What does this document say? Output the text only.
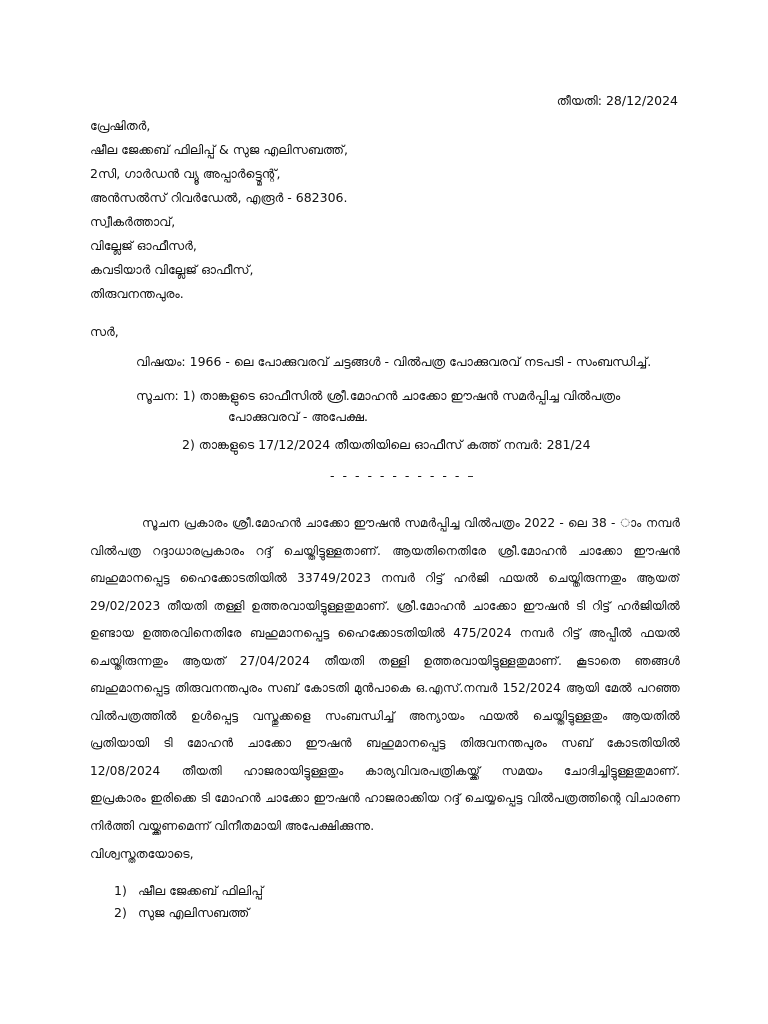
തീയതി: 28/12/2024
പ്രേഷിതർ,
ഷീല ജേക്കബ് ഫിലിപ്പ് & സുജ എലിസബത്ത്,
2സി, ഗാർഡൻ വ്യൂ അപ്പാർട്ട്മെന്റ്,
അൻസൽസ് റിവർഡേൽ, എരൂർ - 682306.
സ്വീകർത്താവ്,
വില്ലേജ് ഓഫീസർ,
കവടിയാർ വില്ലേജ് ഓഫീസ്,
തിരുവനന്തപുരം.
സർ,
വിഷയം: 1966 - ലെ പോക്കുവരവ് ചട്ടങ്ങൾ - വിൽപത്ര പോക്കുവരവ് നടപടി - സംബന്ധിച്ച്.
സൂചന: 1) താങ്കളുടെ ഓഫീസിൽ ശ്രീ.മോഹൻ ചാക്കോ ഈഷൻ സമർപ്പിച്ച വിൽപത്രം
പോക്കുവരവ് - അപേക്ഷ.
2) താങ്കളുടെ 17/12/2024 തീയതിയിലെ ഓഫീസ് കത്ത് നമ്പർ: 281/24
- - - - - - - - - - - –
സൂചന പ്രകാരം ശ്രീ.മോഹൻ ചാക്കോ ഈഷൻ സമർപ്പിച്ച വിൽപത്രം 2022 - ലെ 38 - ാം നമ്പർ
വിൽപത്ര റദ്ദാധാരപ്രകാരം റദ്ദ് ചെയ്തിട്ടുള്ളതാണ്. ആയതിനെതിരേ ശ്രീ.മോഹൻ ചാക്കോ ഈഷൻ
ബഹുമാനപ്പെട്ട ഹൈക്കോടതിയിൽ 33749/2023 നമ്പർ റിട്ട് ഹർജി ഫയൽ ചെയ്തിരുന്നതും ആയത്
29/02/2023 തീയതി തള്ളി ഉത്തരവായിട്ടുള്ളതുമാണ്. ശ്രീ.മോഹൻ ചാക്കോ ഈഷൻ ടി റിട്ട് ഹർജിയിൽ
ഉണ്ടായ ഉത്തരവിനെതിരേ ബഹുമാനപ്പെട്ട ഹൈക്കോടതിയിൽ 475/2024 നമ്പർ റിട്ട് അപ്പീൽ ഫയൽ
ചെയ്തിരുന്നതും ആയത് 27/04/2024 തീയതി തള്ളി ഉത്തരവായിട്ടുള്ളതുമാണ്. കൂടാതെ ഞങ്ങൾ
ബഹുമാനപ്പെട്ട തിരുവനന്തപുരം സബ് കോടതി മുൻപാകെ ഒ.എസ്.നമ്പർ 152/2024 ആയി മേൽ പറഞ്ഞ
വിൽപത്രത്തിൽ ഉൾപ്പെട്ട വസ്തുക്കളെ സംബന്ധിച്ച് അന്യായം ഫയൽ ചെയ്തിട്ടുള്ളതും ആയതിൽ
പ്രതിയായി ടി മോഹൻ ചാക്കോ ഈഷൻ ബഹുമാനപ്പെട്ട തിരുവനന്തപുരം സബ് കോടതിയിൽ
12/08/2024 തീയതി ഹാജരായിട്ടുള്ളതും കാര്യവിവരപത്രികയ്ക്ക് സമയം ചോദിച്ചിട്ടുള്ളതുമാണ്.
ഇപ്രകാരം ഇരിക്കെ ടി മോഹൻ ചാക്കോ ഈഷൻ ഹാജരാക്കിയ റദ്ദ് ചെയ്യപ്പെട്ട വിൽപത്രത്തിന്റെ വിചാരണ
നിർത്തി വയ്ക്കണമെന്ന് വിനീതമായി അപേക്ഷിക്കുന്നു.
വിശ്വസ്തതയോടെ,
1) ഷീല ജേക്കബ് ഫിലിപ്പ്
2) സുജ എലിസബത്ത്
